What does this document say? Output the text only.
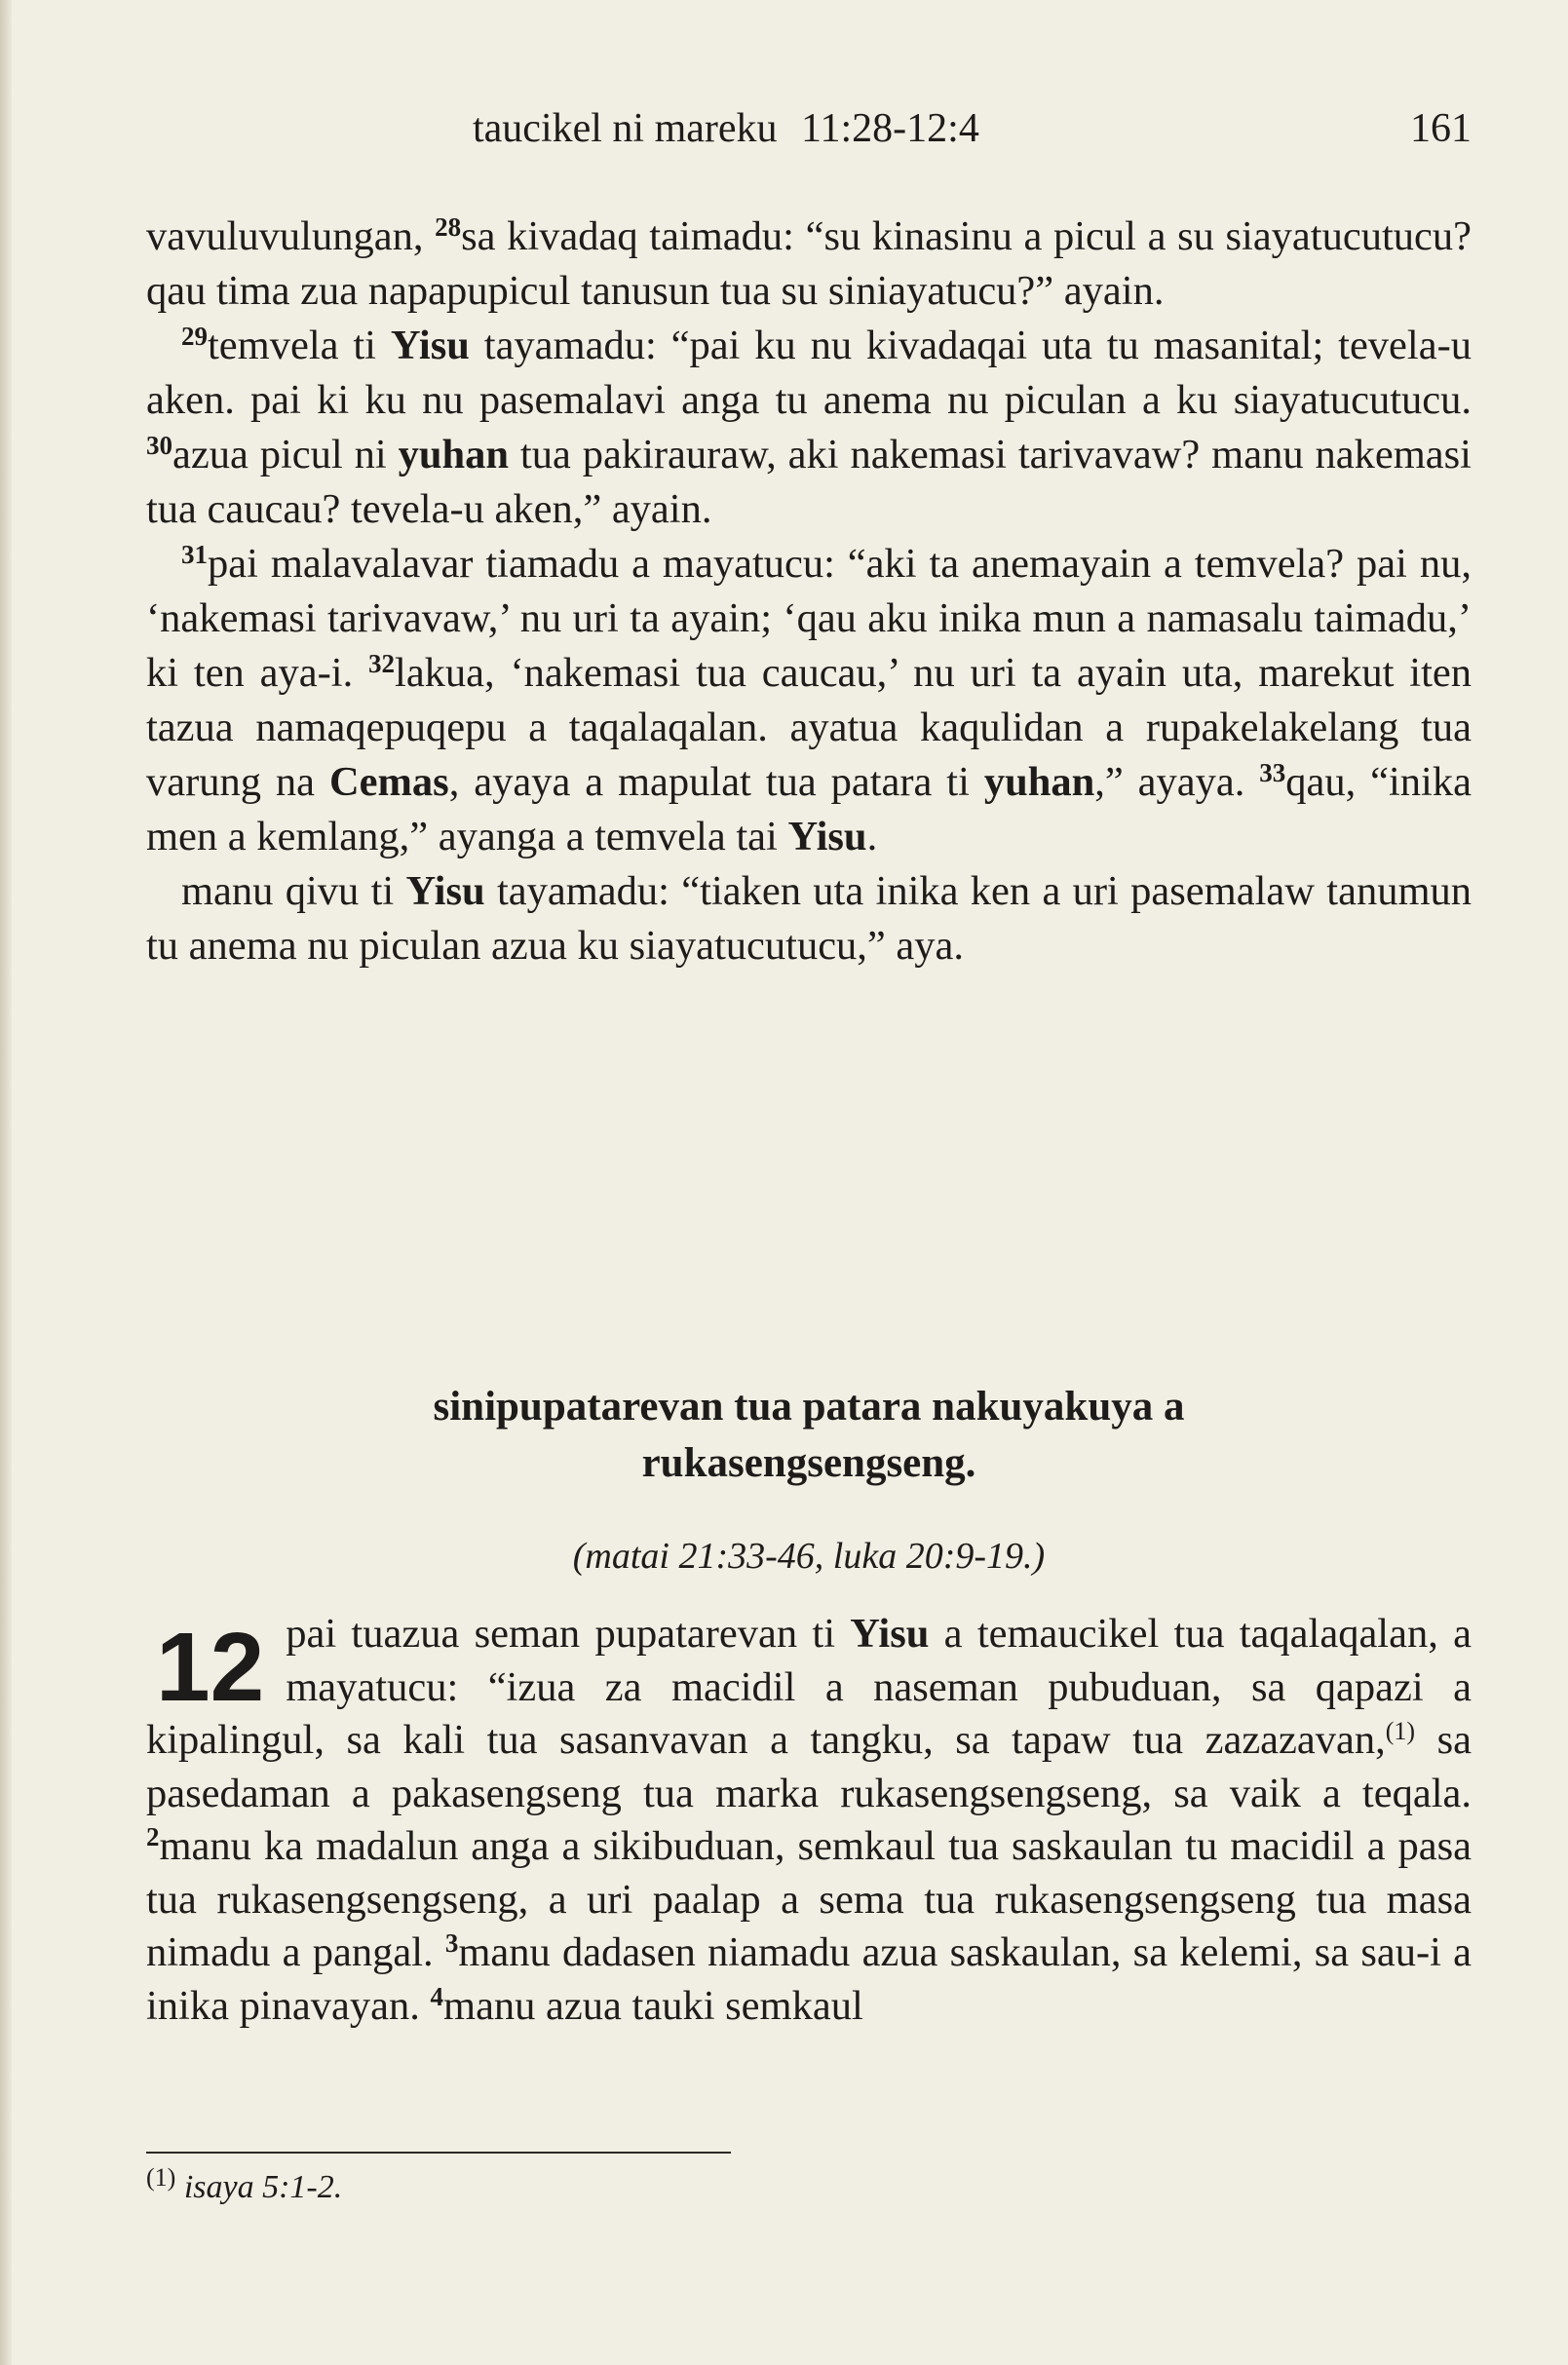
taucikel ni mareku 11:28-12:4	161

vavuluvulungan, $^{28}$sa kivadaq taimadu: “su kinasinu a picul a su siayatucutucu? qau tima zua napapupicul tanusun tua su siniayatucu?” ayain.

$^{29}$temvela ti Yisu tayamadu: “pai ku nu kivadaqai uta tu masanital; tevela-u aken. pai ki ku nu pasemalavi anga tu anema nu piculan a ku siayatucutucu. $^{30}$azua picul ni yuhan tua pakirauraw, aki nakemasi tarivavaw? manu nakemasi tua caucau? tevela-u aken,” ayain.

$^{31}$pai malavalavar tiamadu a mayatucu: “aki ta anemayain a temvela? pai nu, ‘nakemasi tarivavaw,’ nu uri ta ayain; ‘qau aku inika mun a namasalu taimadu,’ ki ten aya-i. $^{32}$lakua, ‘nakemasi tua caucau,’ nu uri ta ayain uta, marekut iten tazua namaqepuqepu a taqalaqalan. ayatua kaqulidan a rupakelakelang tua varung na Cemas, ayaya a mapulat tua patara ti yuhan,” ayaya. $^{33}$qau, “inika men a kemlang,” ayanga a temvela tai Yisu.

manu qivu ti Yisu tayamadu: “tiaken uta inika ken a uri pasemalaw tanumun tu anema nu piculan azua ku siayatucutucu,” aya.

sinipupatarevan tua patara nakuyakuya a
rukasengsengseng.
(matai 21:33-46, luka 20:9-19.)
12 pai tuazua seman pupatarevan ti Yisu a temaucikel tua taqalaqalan, a mayatucu: “izua za macidil a naseman pubuduan, sa qapazi a kipalingul, sa kali tua sasanvavan a tangku, sa tapaw tua zazazavan,$^{(1)}$ sa pasedaman a pakasengseng tua marka rukasengsengseng, sa vaik a teqala. $^2$manu ka madalun anga a sikibuduan, semkaul tua saskaulan tu macidil a pasa tua rukasengsengseng, a uri paalap a sema tua rukasengsengseng tua masa nimadu a pangal. $^3$manu dadasen niamadu azua saskaulan, sa kelemi, sa sau-i a inika pinavayan. $^4$manu azua tauki semkaul
$^{(1)}$ isaya 5:1-2.
